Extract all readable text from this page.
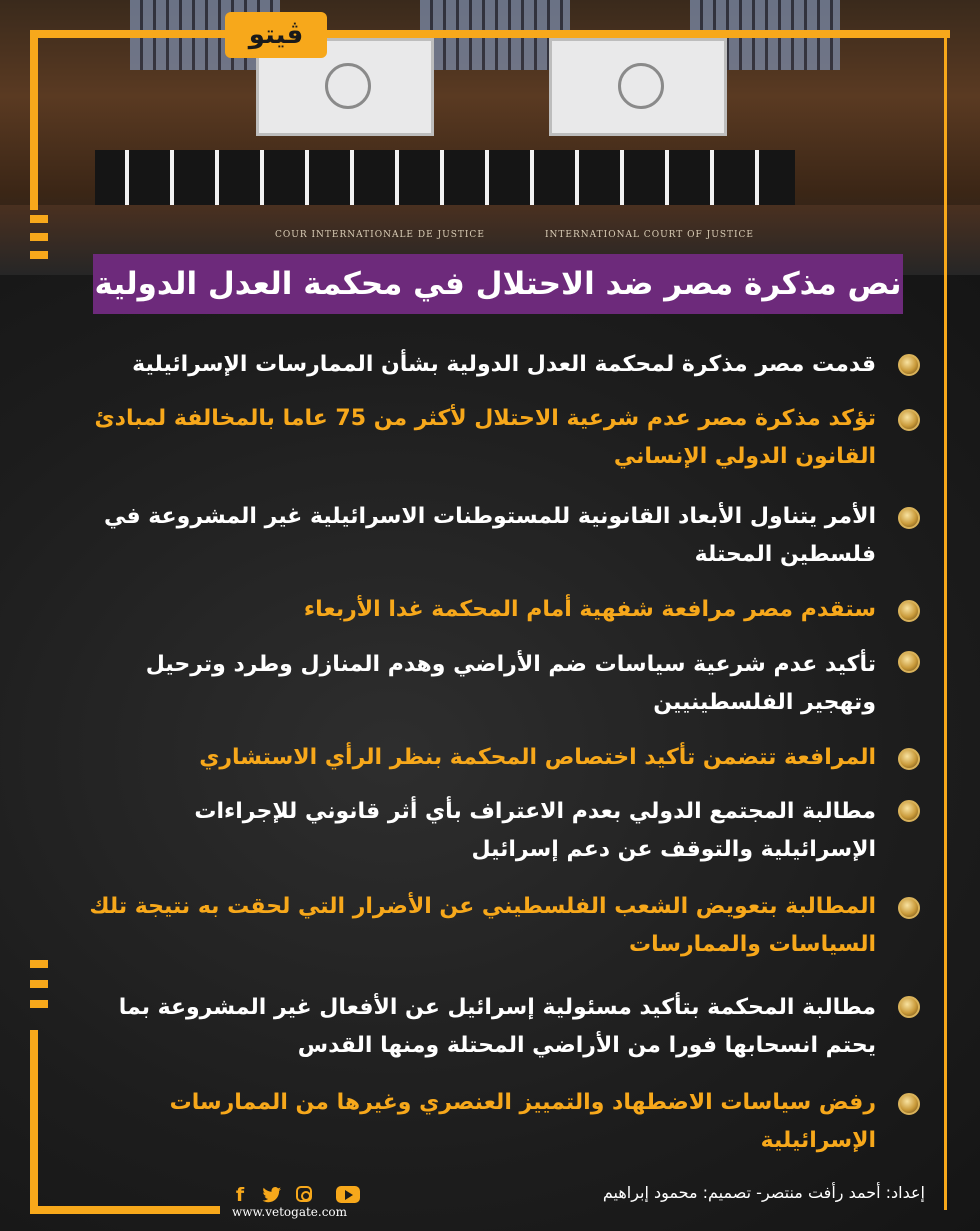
COUR INTERNATIONALE DE JUSTICE	INTERNATIONAL COURT OF JUSTICE
ڤيتو
نص مذكرة مصر ضد الاحتلال في محكمة العدل الدولية
قدمت مصر مذكرة لمحكمة العدل الدولية بشأن الممارسات الإسرائيلية
تؤكد مذكرة مصر عدم شرعية الاحتلال لأكثر من 75 عاما بالمخالفة لمبادئ القانون الدولي الإنساني
الأمر يتناول الأبعاد القانونية للمستوطنات الاسرائيلية غير المشروعة في فلسطين المحتلة
ستقدم مصر مرافعة شفهية أمام المحكمة غدا الأربعاء
تأكيد عدم شرعية سياسات ضم الأراضي وهدم المنازل وطرد وترحيل وتهجير الفلسطينيين
المرافعة تتضمن تأكيد اختصاص المحكمة بنظر الرأي الاستشاري
مطالبة المجتمع الدولي بعدم الاعتراف بأي أثر قانوني للإجراءات الإسرائيلية والتوقف عن دعم إسرائيل
المطالبة بتعويض الشعب الفلسطيني عن الأضرار التي لحقت به نتيجة تلك السياسات والممارسات
مطالبة المحكمة بتأكيد مسئولية إسرائيل عن الأفعال غير المشروعة بما يحتم انسحابها فورا من الأراضي المحتلة ومنها القدس
رفض سياسات الاضطهاد والتمييز العنصري وغيرها من الممارسات الإسرائيلية
إعداد: أحمد رأفت منتصر- تصميم: محمود إبراهيم
f
www.vetogate.com
